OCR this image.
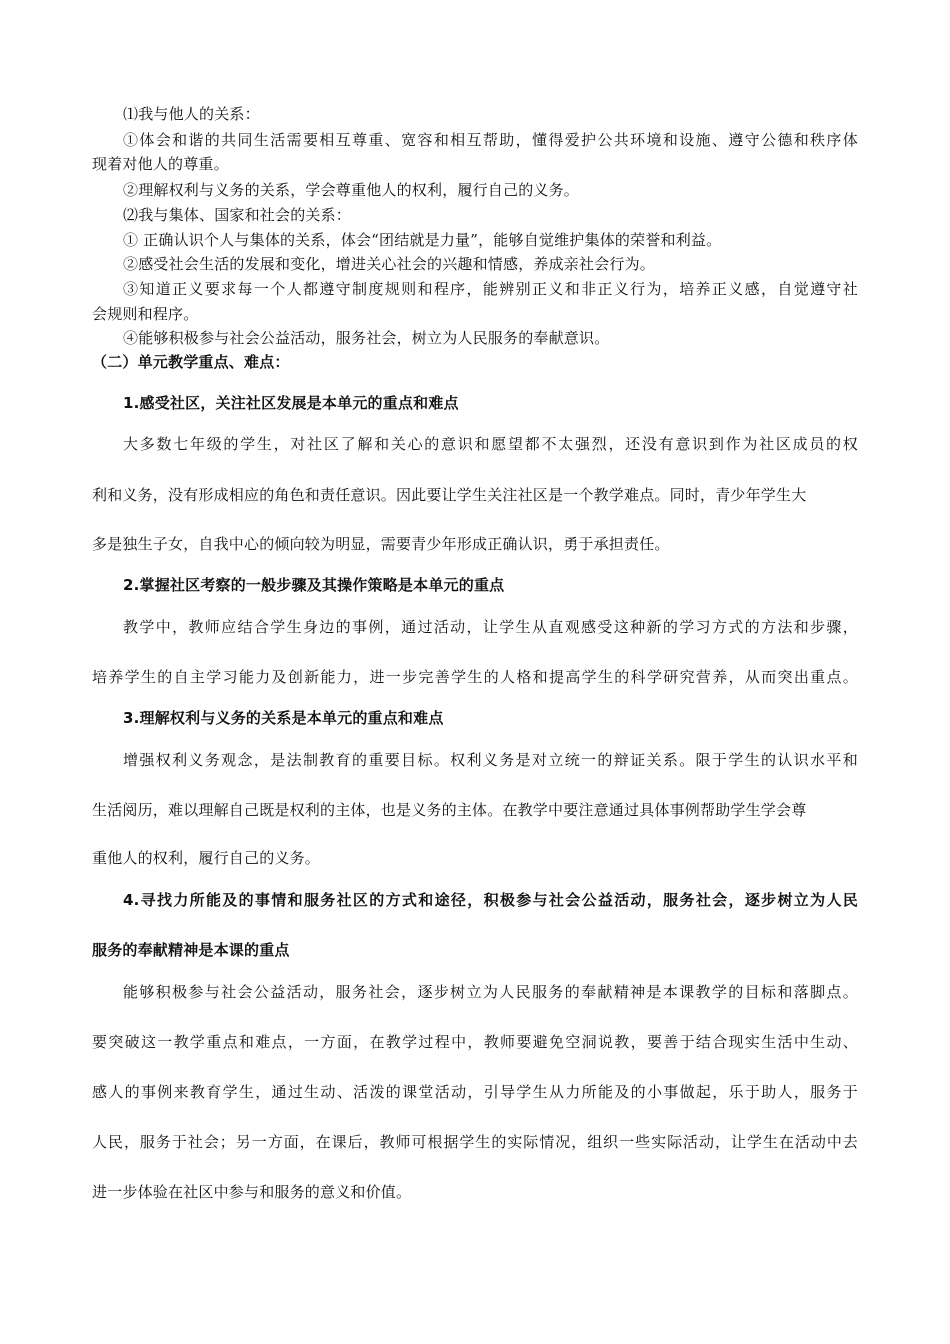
⑴我与他人的关系：
①体会和谐的共同生活需要相互尊重、宽容和相互帮助，懂得爱护公共环境和设施、遵守公德和秩序体
现着对他人的尊重。
②理解权利与义务的关系，学会尊重他人的权利，履行自己的义务。
⑵我与集体、国家和社会的关系：
① 正确认识个人与集体的关系，体会“团结就是力量”，能够自觉维护集体的荣誉和利益。
②感受社会生活的发展和变化，增进关心社会的兴趣和情感，养成亲社会行为。
③知道正义要求每一个人都遵守制度规则和程序，能辨别正义和非正义行为，培养正义感，自觉遵守社
会规则和程序。
④能够积极参与社会公益活动，服务社会，树立为人民服务的奉献意识。
（二）单元教学重点、难点：
1.感受社区，关注社区发展是本单元的重点和难点
大多数七年级的学生，对社区了解和关心的意识和愿望都不太强烈，还没有意识到作为社区成员的权
利和义务，没有形成相应的角色和责任意识。因此要让学生关注社区是一个教学难点。同时，青少年学生大
多是独生子女，自我中心的倾向较为明显，需要青少年形成正确认识，勇于承担责任。
2.掌握社区考察的一般步骤及其操作策略是本单元的重点
教学中，教师应结合学生身边的事例，通过活动，让学生从直观感受这种新的学习方式的方法和步骤，
培养学生的自主学习能力及创新能力，进一步完善学生的人格和提高学生的科学研究营养，从而突出重点。
3.理解权利与义务的关系是本单元的重点和难点
增强权利义务观念，是法制教育的重要目标。权利义务是对立统一的辩证关系。限于学生的认识水平和
生活阅历，难以理解自己既是权利的主体，也是义务的主体。在教学中要注意通过具体事例帮助学生学会尊
重他人的权利，履行自己的义务。
4.寻找力所能及的事情和服务社区的方式和途径，积极参与社会公益活动，服务社会，逐步树立为人民
服务的奉献精神是本课的重点
能够积极参与社会公益活动，服务社会，逐步树立为人民服务的奉献精神是本课教学的目标和落脚点。
要突破这一教学重点和难点，一方面，在教学过程中，教师要避免空洞说教，要善于结合现实生活中生动、
感人的事例来教育学生，通过生动、活泼的课堂活动，引导学生从力所能及的小事做起，乐于助人，服务于
人民，服务于社会；另一方面，在课后，教师可根据学生的实际情况，组织一些实际活动，让学生在活动中去
进一步体验在社区中参与和服务的意义和价值。
